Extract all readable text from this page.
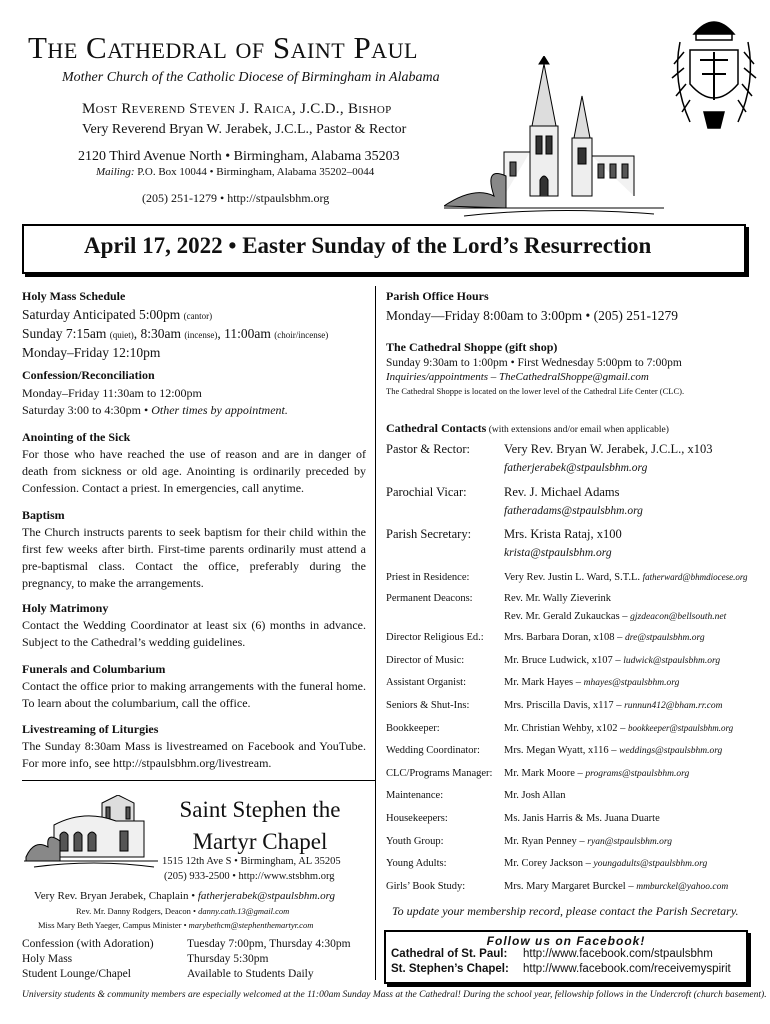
The Cathedral of Saint Paul
Mother Church of the Catholic Diocese of Birmingham in Alabama
Most Reverend Steven J. Raica, J.C.D., Bishop
Very Reverend Bryan W. Jerabek, J.C.L., Pastor & Rector
2120 Third Avenue North • Birmingham, Alabama 35203
Mailing: P.O. Box 10044 • Birmingham, Alabama 35202–0044
(205) 251-1279 • http://stpaulsbhm.org
April 17, 2022 • Easter Sunday of the Lord’s Resurrection
Holy Mass Schedule
Saturday Anticipated 5:00pm (cantor)
Sunday 7:15am (quiet), 8:30am (incense), 11:00am (choir/incense)
Monday–Friday 12:10pm
Confession/Reconciliation
Monday–Friday 11:30am to 12:00pm
Saturday 3:00 to 4:30pm • Other times by appointment.
Anointing of the Sick
For those who have reached the use of reason and are in danger of death from sickness or old age. Anointing is ordinarily preceded by Confession. Contact a priest. In emergencies, call anytime.
Baptism
The Church instructs parents to seek baptism for their child within the first few weeks after birth. First-time parents ordinarily must attend a pre-baptismal class. Contact the office, preferably during the pregnancy, to make the arrangements.
Holy Matrimony
Contact the Wedding Coordinator at least six (6) months in advance. Subject to the Cathedral’s wedding guidelines.
Funerals and Columbarium
Contact the office prior to making arrangements with the funeral home. To learn about the columbarium, call the office.
Livestreaming of Liturgies
The Sunday 8:30am Mass is livestreamed on Facebook and YouTube. For more info, see http://stpaulsbhm.org/livestream.
Saint Stephen the
Martyr Chapel
1515 12th Ave S • Birmingham, AL 35205
(205) 933-2500 • http://www.stsbhm.org
Very Rev. Bryan Jerabek, Chaplain • fatherjerabek@stpaulsbhm.org
Rev. Mr. Danny Rodgers, Deacon • danny.cath.13@gmail.com
Miss Mary Beth Yaeger, Campus Minister • marybethcm@stephenthemartyr.com
Confession (with Adoration)	Tuesday 7:00pm, Thursday 4:30pm
Holy Mass	Thursday 5:30pm
Student Lounge/Chapel	Available to Students Daily
Parish Office Hours
Monday—Friday 8:00am to 3:00pm • (205) 251-1279
The Cathedral Shoppe (gift shop)
Sunday 9:30am to 1:00pm • First Wednesday 5:00pm to 7:00pm
Inquiries/appointments – TheCathedralShoppe@gmail.com
The Cathedral Shoppe is located on the lower level of the Cathedral Life Center (CLC).
Cathedral Contacts (with extensions and/or email when applicable)
Pastor & Rector:	Very Rev. Bryan W. Jerabek, J.C.L., x103
fatherjerabek@stpaulsbhm.org
Parochial Vicar:	Rev. J. Michael Adams
fatheradams@stpaulsbhm.org
Parish Secretary:	Mrs. Krista Rataj, x100
krista@stpaulsbhm.org
Priest in Residence:	Very Rev. Justin L. Ward, S.T.L. fatherward@bhmdiocese.org
Permanent Deacons:	Rev. Mr. Wally Zieverink
Rev. Mr. Gerald Zukauckas – gjzdeacon@bellsouth.net
Director Religious Ed.:	Mrs. Barbara Doran, x108 – dre@stpaulsbhm.org
Director of Music:	Mr. Bruce Ludwick, x107 – ludwick@stpaulsbhm.org
Assistant Organist:	Mr. Mark Hayes – mhayes@stpaulsbhm.org
Seniors & Shut-Ins:	Mrs. Priscilla Davis, x117 – runnun412@bham.rr.com
Bookkeeper:	Mr. Christian Wehby, x102 – bookkeeper@stpaulsbhm.org
Wedding Coordinator:	Mrs. Megan Wyatt, x116 – weddings@stpaulsbhm.org
CLC/Programs Manager:	Mr. Mark Moore – programs@stpaulsbhm.org
Maintenance:	Mr. Josh Allan
Housekeepers:	Ms. Janis Harris & Ms. Juana Duarte
Youth Group:	Mr. Ryan Penney – ryan@stpaulsbhm.org
Young Adults:	Mr. Corey Jackson – youngadults@stpaulsbhm.org
Girls’ Book Study:	Mrs. Mary Margaret Burckel – mmburckel@yahoo.com
To update your membership record, please contact the Parish Secretary.
Follow us on Facebook!
Cathedral of St. Paul: http://www.facebook.com/stpaulsbhm
St. Stephen’s Chapel: http://www.facebook.com/receivemyspirit
University students & community members are especially welcomed at the 11:00am Sunday Mass at the Cathedral! During the school year, fellowship follows in the Undercroft (church basement).
